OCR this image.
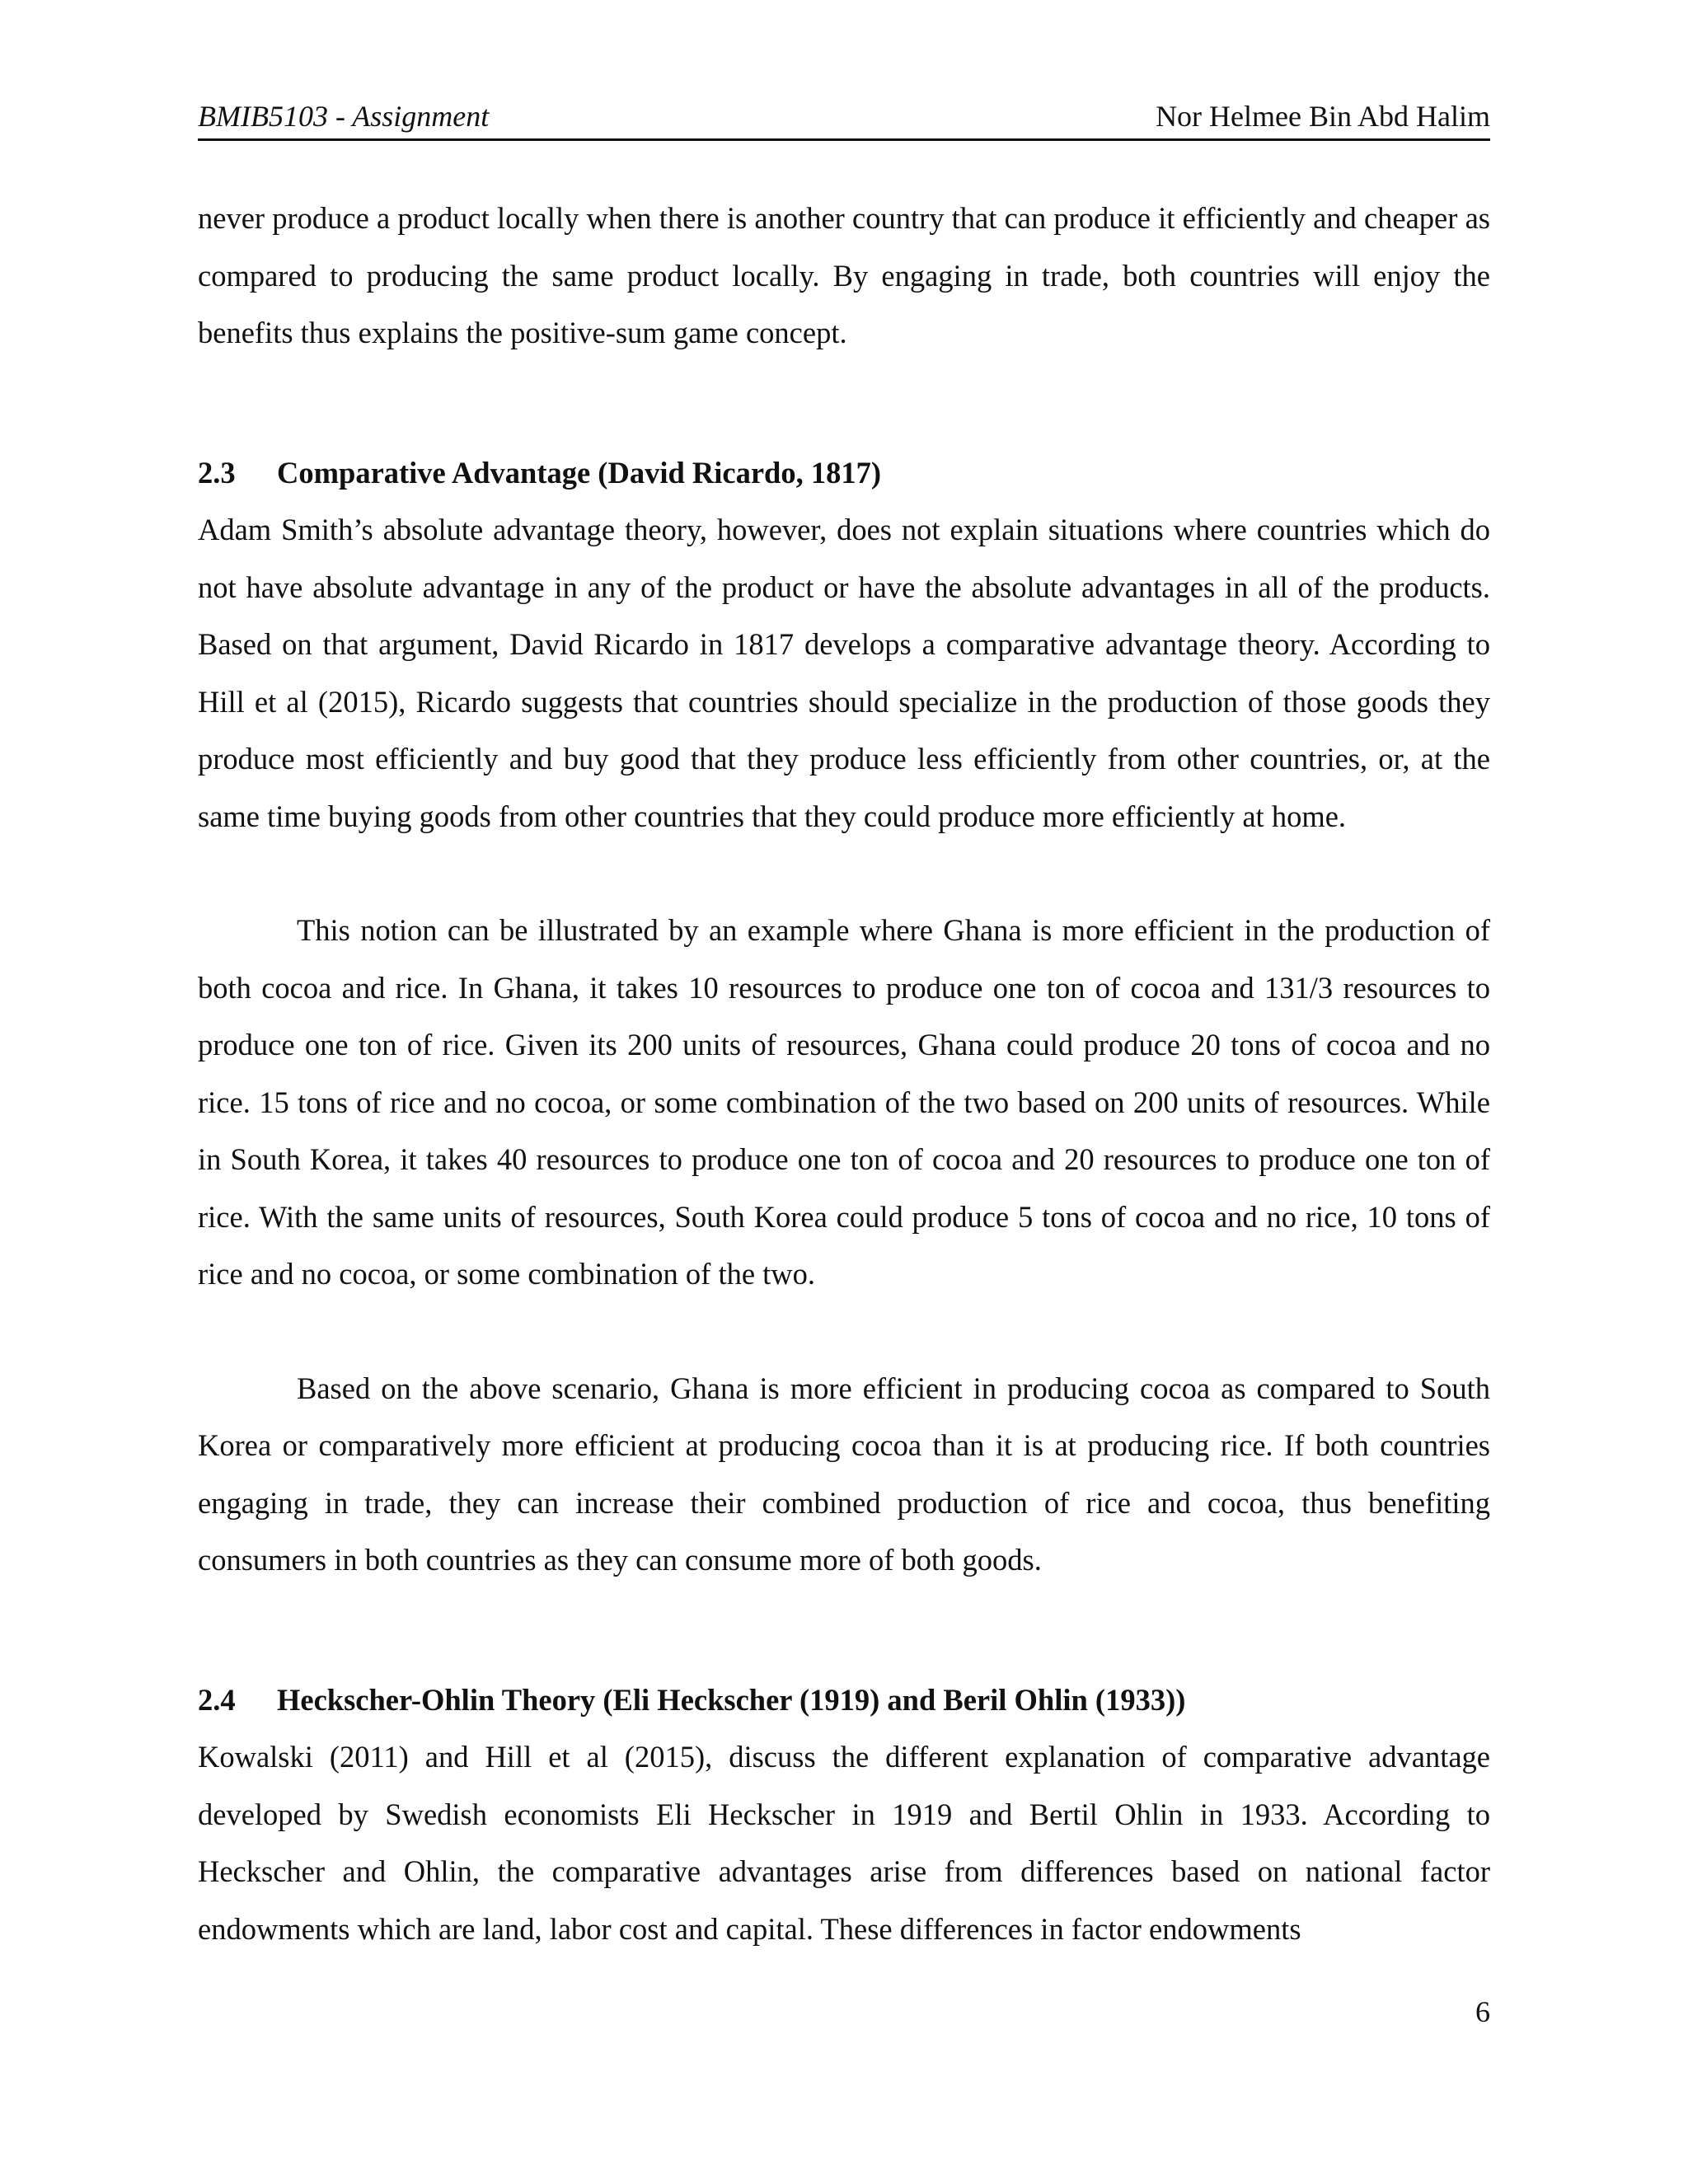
BMIB5103 - Assignment	Nor Helmee Bin Abd Halim

never produce a product locally when there is another country that can produce it efficiently and cheaper as compared to producing the same product locally. By engaging in trade, both countries will enjoy the benefits thus explains the positive-sum game concept.

2.3 Comparative Advantage (David Ricardo, 1817)

Adam Smith’s absolute advantage theory, however, does not explain situations where countries which do not have absolute advantage in any of the product or have the absolute advantages in all of the products. Based on that argument, David Ricardo in 1817 develops a comparative advantage theory. According to Hill et al (2015), Ricardo suggests that countries should specialize in the production of those goods they produce most efficiently and buy good that they produce less efficiently from other countries, or, at the same time buying goods from other countries that they could produce more efficiently at home.

This notion can be illustrated by an example where Ghana is more efficient in the production of both cocoa and rice. In Ghana, it takes 10 resources to produce one ton of cocoa and 131/3 resources to produce one ton of rice. Given its 200 units of resources, Ghana could produce 20 tons of cocoa and no rice. 15 tons of rice and no cocoa, or some combination of the two based on 200 units of resources. While in South Korea, it takes 40 resources to produce one ton of cocoa and 20 resources to produce one ton of rice. With the same units of resources, South Korea could produce 5 tons of cocoa and no rice, 10 tons of rice and no cocoa, or some combination of the two.

Based on the above scenario, Ghana is more efficient in producing cocoa as compared to South Korea or comparatively more efficient at producing cocoa than it is at producing rice. If both countries engaging in trade, they can increase their combined production of rice and cocoa, thus benefiting consumers in both countries as they can consume more of both goods.

2.4 Heckscher-Ohlin Theory (Eli Heckscher (1919) and Beril Ohlin (1933))

Kowalski (2011) and Hill et al (2015), discuss the different explanation of comparative advantage developed by Swedish economists Eli Heckscher in 1919 and Bertil Ohlin in 1933. According to Heckscher and Ohlin, the comparative advantages arise from differences based on national factor endowments which are land, labor cost and capital. These differences in factor endowments

6
